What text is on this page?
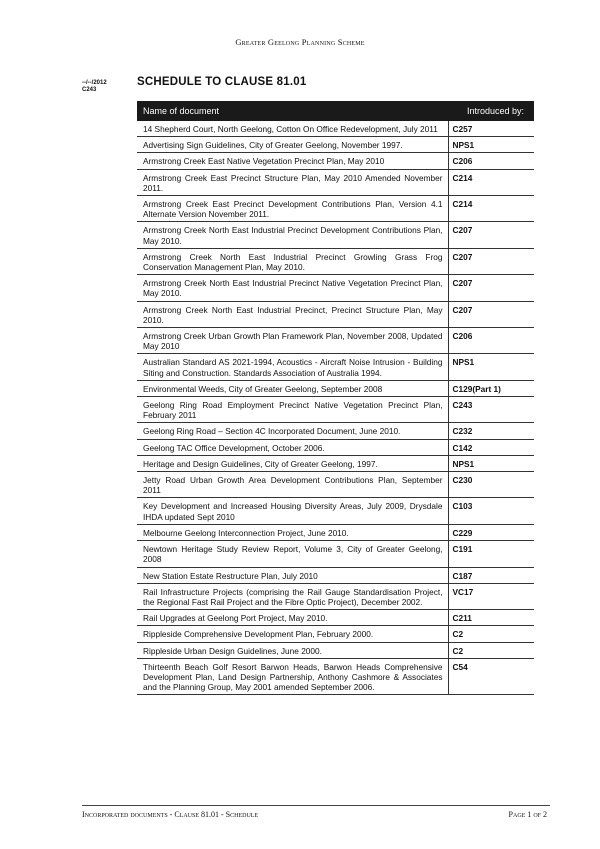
Greater Geelong Planning Scheme
--/--/2012
C243
SCHEDULE TO CLAUSE 81.01
Name of document	Introduced by:
14 Shepherd Court, North Geelong, Cotton On Office Redevelopment, July 2011	C257
Advertising Sign Guidelines, City of Greater Geelong, November 1997.	NPS1
Armstrong Creek East Native Vegetation Precinct Plan, May 2010	C206
Armstrong Creek East Precinct Structure Plan, May 2010 Amended November 2011.	C214
Armstrong Creek East Precinct Development Contributions Plan, Version 4.1 Alternate Version November 2011.	C214
Armstrong Creek North East Industrial Precinct Development Contributions Plan, May 2010.	C207
Armstrong Creek North East Industrial Precinct Growling Grass Frog Conservation Management Plan, May 2010.	C207
Armstrong Creek North East Industrial Precinct Native Vegetation Precinct Plan, May 2010.	C207
Armstrong Creek North East Industrial Precinct, Precinct Structure Plan, May 2010.	C207
Armstrong Creek Urban Growth Plan Framework Plan, November 2008, Updated May 2010	C206
Australian Standard AS 2021-1994, Acoustics - Aircraft Noise Intrusion - Building Siting and Construction. Standards Association of Australia 1994.	NPS1
Environmental Weeds, City of Greater Geelong, September 2008	C129(Part 1)
Geelong Ring Road Employment Precinct Native Vegetation Precinct Plan, February 2011	C243
Geelong Ring Road – Section 4C Incorporated Document, June 2010.	C232
Geelong TAC Office Development, October 2006.	C142
Heritage and Design Guidelines, City of Greater Geelong, 1997.	NPS1
Jetty Road Urban Growth Area Development Contributions Plan, September 2011	C230
Key Development and Increased Housing Diversity Areas, July 2009, Drysdale IHDA updated Sept 2010	C103
Melbourne Geelong Interconnection Project, June 2010.	C229
Newtown Heritage Study Review Report, Volume 3, City of Greater Geelong, 2008	C191
New Station Estate Restructure Plan, July 2010	C187
Rail Infrastructure Projects (comprising the Rail Gauge Standardisation Project, the Regional Fast Rail Project and the Fibre Optic Project), December 2002.	VC17
Rail Upgrades at Geelong Port Project, May 2010.	C211
Rippleside Comprehensive Development Plan, February 2000.	C2
Rippleside Urban Design Guidelines, June 2000.	C2
Thirteenth Beach Golf Resort Barwon Heads, Barwon Heads Comprehensive Development Plan, Land Design Partnership, Anthony Cashmore & Associates and the Planning Group, May 2001 amended September 2006.	C54
Incorporated documents - Clause 81.01 - Schedule	Page 1 of 2
